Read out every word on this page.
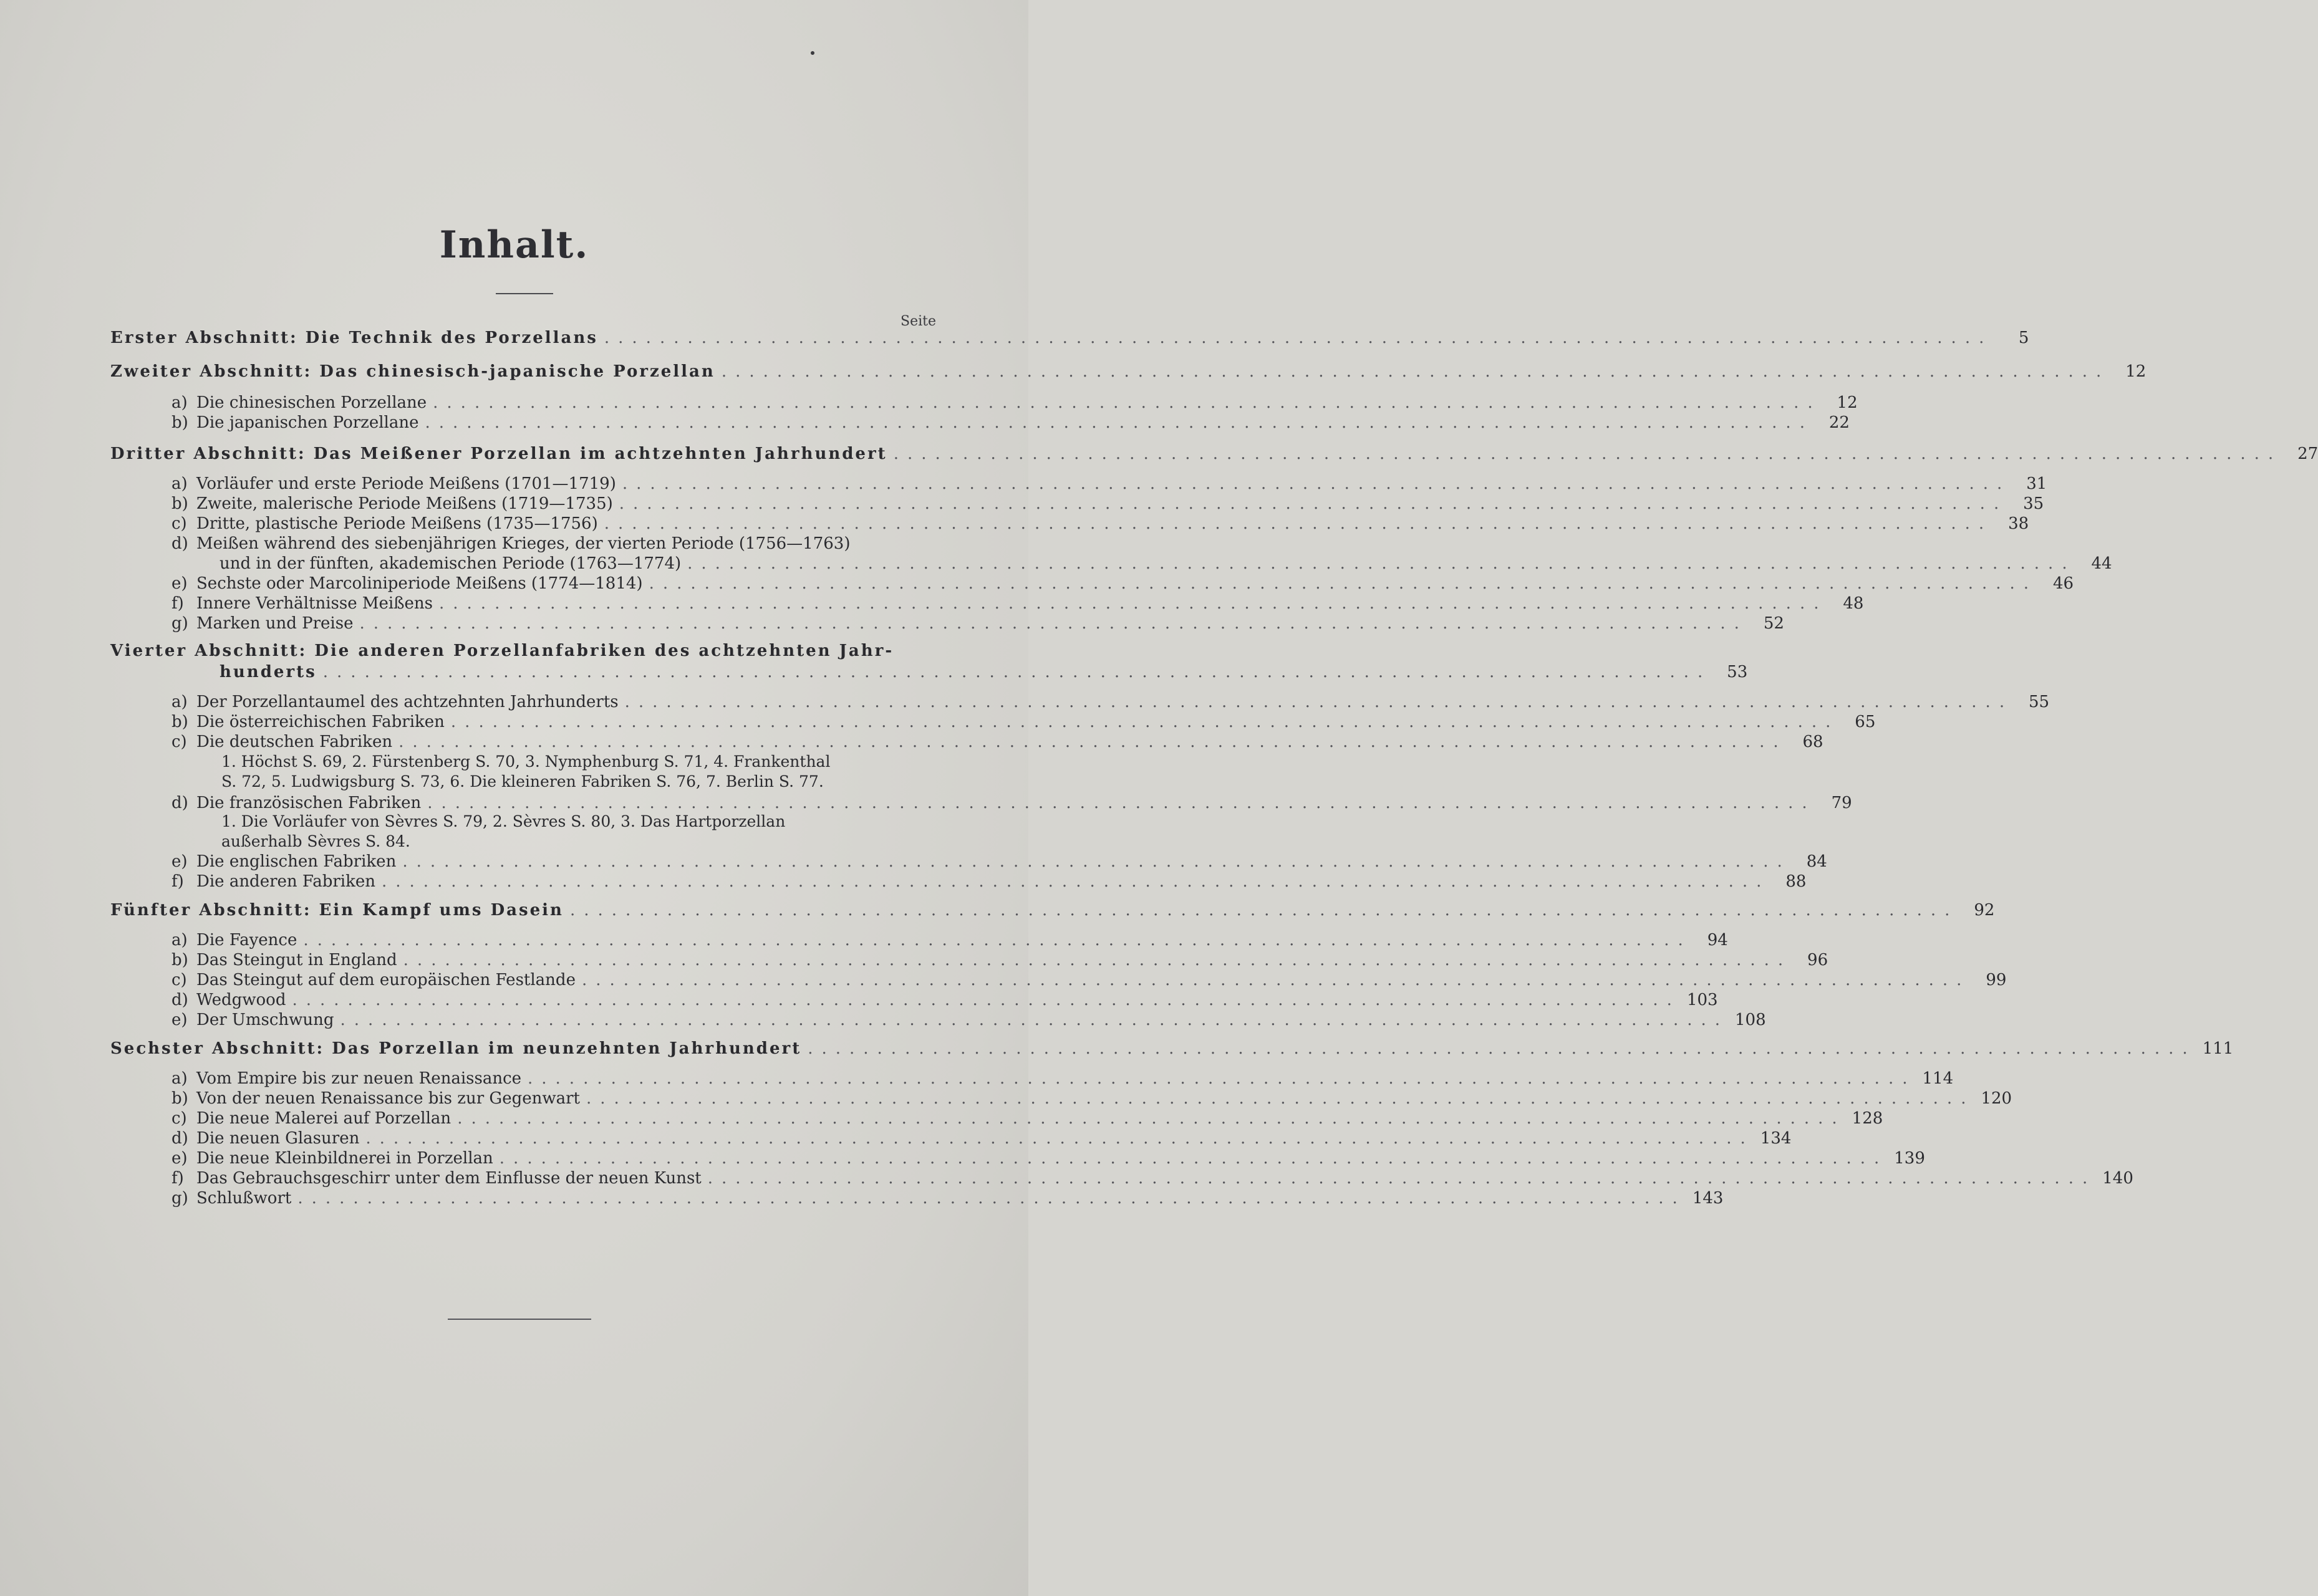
Inhalt.
Seite
Erster Abschnitt: Die Technik des Porzellans ....................................................................................................	5
Zweiter Abschnitt: Das chinesisch-japanische Porzellan .................................................................................................... 12
a) Die chinesischen Porzellane .................................................................................................... 12
b) Die japanischen Porzellane .................................................................................................... 22
Dritter Abschnitt: Das Meißener Porzellan im achtzehnten Jahrhundert .................................................................................................... 27
a) Vorläufer und erste Periode Meißens (1701—1719) .................................................................................................... 31
b) Zweite, malerische Periode Meißens (1719—1735) .................................................................................................... 35
c) Dritte, plastische Periode Meißens (1735—1756) .................................................................................................... 38
d) Meißen während des siebenjährigen Krieges, der vierten Periode (1756—1763)
und in der fünften, akademischen Periode (1763—1774) .................................................................................................... 44
e) Sechste oder Marcoliniperiode Meißens (1774—1814) .................................................................................................... 46
f) Innere Verhältnisse Meißens .................................................................................................... 48
g) Marken und Preise .................................................................................................... 52
Vierter Abschnitt: Die anderen Porzellanfabriken des achtzehnten Jahr-
hunderts .................................................................................................... 53
a) Der Porzellantaumel des achtzehnten Jahrhunderts .................................................................................................... 55
b) Die österreichischen Fabriken .................................................................................................... 65
c) Die deutschen Fabriken .................................................................................................... 68
1. Höchst S. 69, 2. Fürstenberg S. 70, 3. Nymphenburg S. 71, 4. Frankenthal
S. 72, 5. Ludwigsburg S. 73, 6. Die kleineren Fabriken S. 76, 7. Berlin S. 77.
d) Die französischen Fabriken .................................................................................................... 79
1. Die Vorläufer von Sèvres S. 79, 2. Sèvres S. 80, 3. Das Hartporzellan
außerhalb Sèvres S. 84.
e) Die englischen Fabriken .................................................................................................... 84
f) Die anderen Fabriken .................................................................................................... 88
Fünfter Abschnitt: Ein Kampf ums Dasein .................................................................................................... 92
a) Die Fayence .................................................................................................... 94
b) Das Steingut in England .................................................................................................... 96
c) Das Steingut auf dem europäischen Festlande .................................................................................................... 99
d) Wedgwood .................................................................................................... 103
e) Der Umschwung .................................................................................................... 108
Sechster Abschnitt: Das Porzellan im neunzehnten Jahrhundert .................................................................................................... 111
a) Vom Empire bis zur neuen Renaissance .................................................................................................... 114
b) Von der neuen Renaissance bis zur Gegenwart .................................................................................................... 120
c) Die neue Malerei auf Porzellan .................................................................................................... 128
d) Die neuen Glasuren .................................................................................................... 134
e) Die neue Kleinbildnerei in Porzellan .................................................................................................... 139
f) Das Gebrauchsgeschirr unter dem Einflusse der neuen Kunst .................................................................................................... 140
g) Schlußwort .................................................................................................... 143
